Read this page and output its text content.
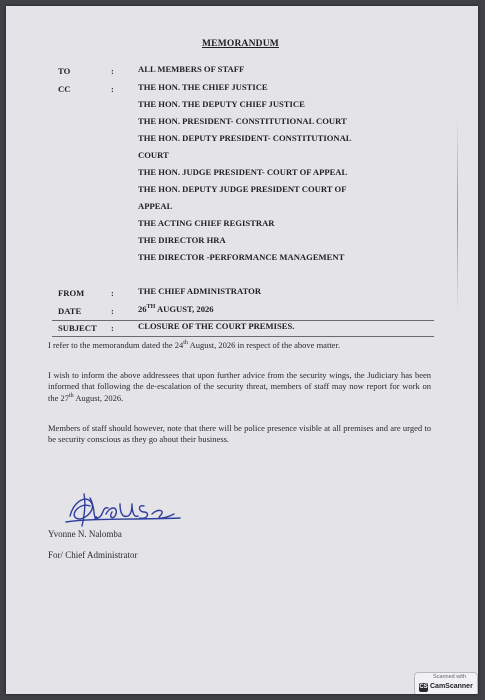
MEMORANDUM
TO	:	ALL MEMBERS OF STAFF
CC	:	THE HON. THE CHIEF JUSTICE
THE HON. THE DEPUTY CHIEF JUSTICE
THE HON. PRESIDENT- CONSTITUTIONAL COURT
THE HON. DEPUTY PRESIDENT- CONSTITUTIONAL
COURT
THE HON. JUDGE PRESIDENT- COURT OF APPEAL
THE HON. DEPUTY JUDGE PRESIDENT COURT OF
APPEAL
THE ACTING CHIEF REGISTRAR
THE DIRECTOR HRA
THE DIRECTOR -PERFORMANCE MANAGEMENT
FROM	:	THE CHIEF ADMINISTRATOR
DATE	:	26TH AUGUST, 2026
SUBJECT :	CLOSURE OF THE COURT PREMISES.
I refer to the memorandum dated the 24th August, 2026 in respect of the above matter.
I wish to inform the above addressees that upon further advice from the security wings, the Judiciary has been informed that following the de-escalation of the security threat, members of staff may now report for work on the 27th August, 2026.
Members of staff should however, note that there will be police presence visible at all premises and are urged to be security conscious as they go about their business.
Yvonne N. Nalomba
For/ Chief Administrator
Scanned with
CS CamScanner
